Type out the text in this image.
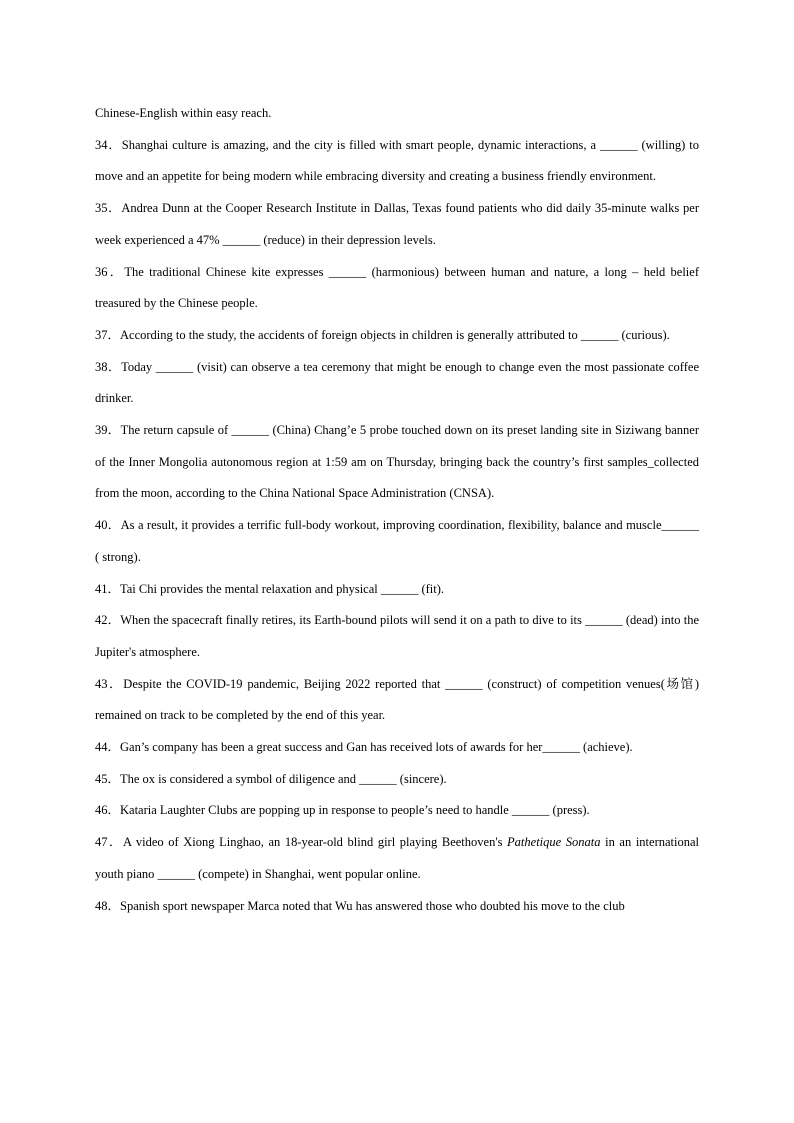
Chinese-English within easy reach.

34．Shanghai culture is amazing, and the city is filled with smart people, dynamic interactions, a ______ (willing) to move and an appetite for being modern while embracing diversity and creating a business friendly environment.

35．Andrea Dunn at the Cooper Research Institute in Dallas, Texas found patients who did daily 35-minute walks per week experienced a 47% ______ (reduce) in their depression levels.

36．The traditional Chinese kite expresses ______ (harmonious) between human and nature, a long – held belief treasured by the Chinese people.

37．According to the study, the accidents of foreign objects in children is generally attributed to ______ (curious).

38．Today ______ (visit) can observe a tea ceremony that might be enough to change even the most passionate coffee drinker.

39．The return capsule of ______ (China) Chang’e 5 probe touched down on its preset landing site in Siziwang banner of the Inner Mongolia autonomous region at 1:59 am on Thursday, bringing back the country’s first samples_collected from the moon, according to the China National Space Administration (CNSA).

40．As a result, it provides a terrific full-body workout, improving coordination, flexibility, balance and muscle______ ( strong).

41．Tai Chi provides the mental relaxation and physical ______ (fit).

42．When the spacecraft finally retires, its Earth-bound pilots will send it on a path to dive to its ______ (dead) into the Jupiter's atmosphere.

43．Despite the COVID-19 pandemic, Beijing 2022 reported that ______ (construct) of competition venues(场馆) remained on track to be completed by the end of this year.

44．Gan’s company has been a great success and Gan has received lots of awards for her______ (achieve).

45．The ox is considered a symbol of diligence and ______ (sincere).

46．Kataria Laughter Clubs are popping up in response to people’s need to handle ______ (press).

47．A video of Xiong Linghao, an 18-year-old blind girl playing Beethoven's Pathetique Sonata in an international youth piano ______ (compete) in Shanghai, went popular online.

48．Spanish sport newspaper Marca noted that Wu has answered those who doubted his move to the club
